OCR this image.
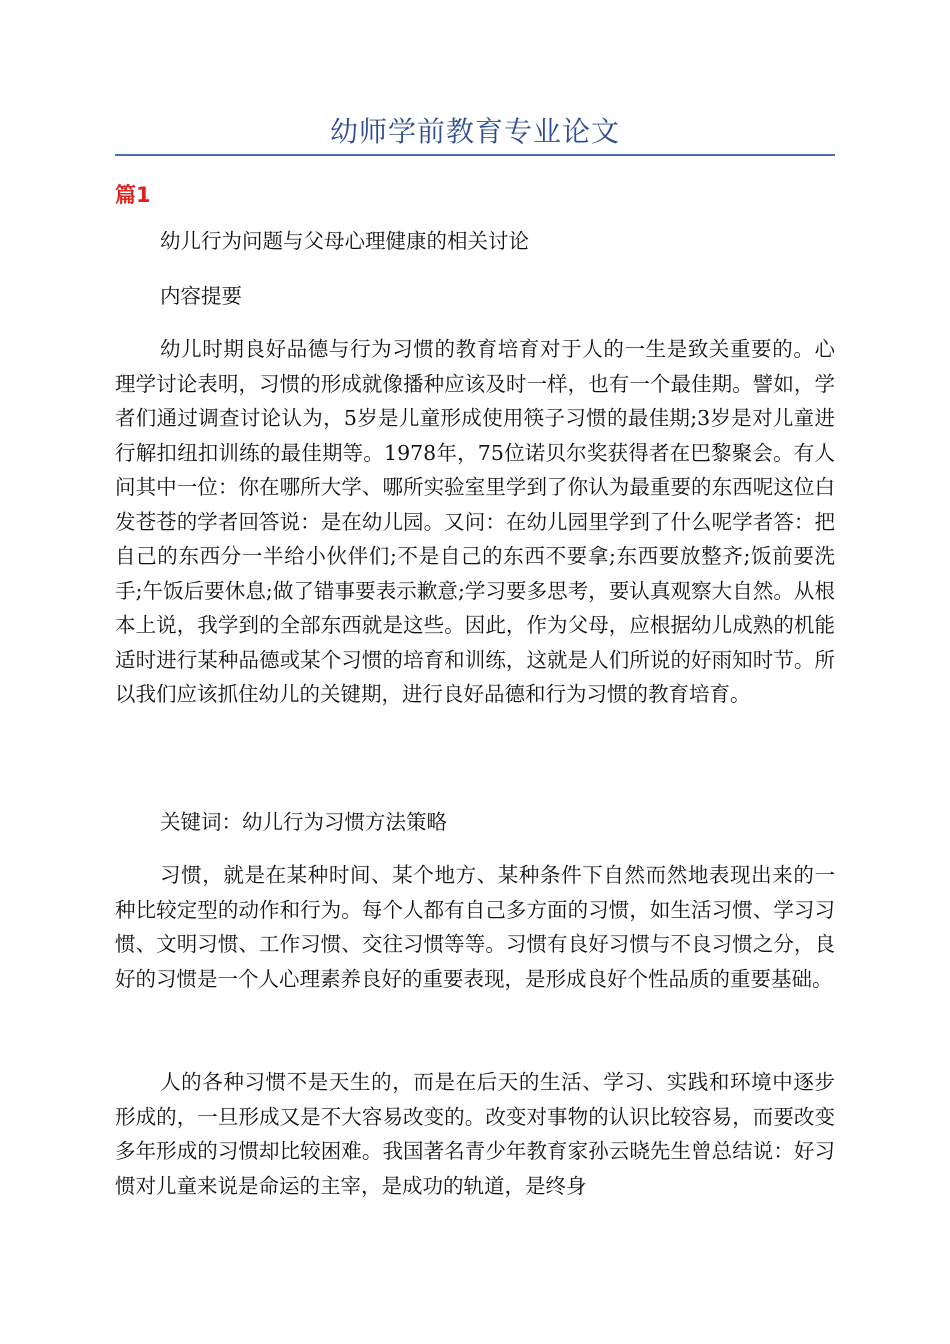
幼师学前教育专业论文
篇1

幼儿行为问题与父母心理健康的相关讨论

内容提要

幼儿时期良好品德与行为习惯的教育培育对于人的一生是致关重要的。心理学讨论表明，习惯的形成就像播种应该及时一样，也有一个最佳期。譬如，学者们通过调查讨论认为，5岁是儿童形成使用筷子习惯的最佳期;3岁是对儿童进行解扣纽扣训练的最佳期等。1978年，75位诺贝尔奖获得者在巴黎聚会。有人问其中一位：你在哪所大学、哪所实验室里学到了你认为最重要的东西呢这位白发苍苍的学者回答说：是在幼儿园。又问：在幼儿园里学到了什么呢学者答：把自己的东西分一半给小伙伴们;不是自己的东西不要拿;东西要放整齐;饭前要洗手;午饭后要休息;做了错事要表示歉意;学习要多思考，要认真观察大自然。从根本上说，我学到的全部东西就是这些。因此，作为父母，应根据幼儿成熟的机能适时进行某种品德或某个习惯的培育和训练，这就是人们所说的好雨知时节。所以我们应该抓住幼儿的关键期，进行良好品德和行为习惯的教育培育。

关键词：幼儿行为习惯方法策略

习惯，就是在某种时间、某个地方、某种条件下自然而然地表现出来的一种比较定型的动作和行为。每个人都有自己多方面的习惯，如生活习惯、学习习惯、文明习惯、工作习惯、交往习惯等等。习惯有良好习惯与不良习惯之分，良好的习惯是一个人心理素养良好的重要表现，是形成良好个性品质的重要基础。

人的各种习惯不是天生的，而是在后天的生活、学习、实践和环境中逐步形成的，一旦形成又是不大容易改变的。改变对事物的认识比较容易，而要改变多年形成的习惯却比较困难。我国著名青少年教育家孙云晓先生曾总结说：好习惯对儿童来说是命运的主宰，是成功的轨道，是终身
